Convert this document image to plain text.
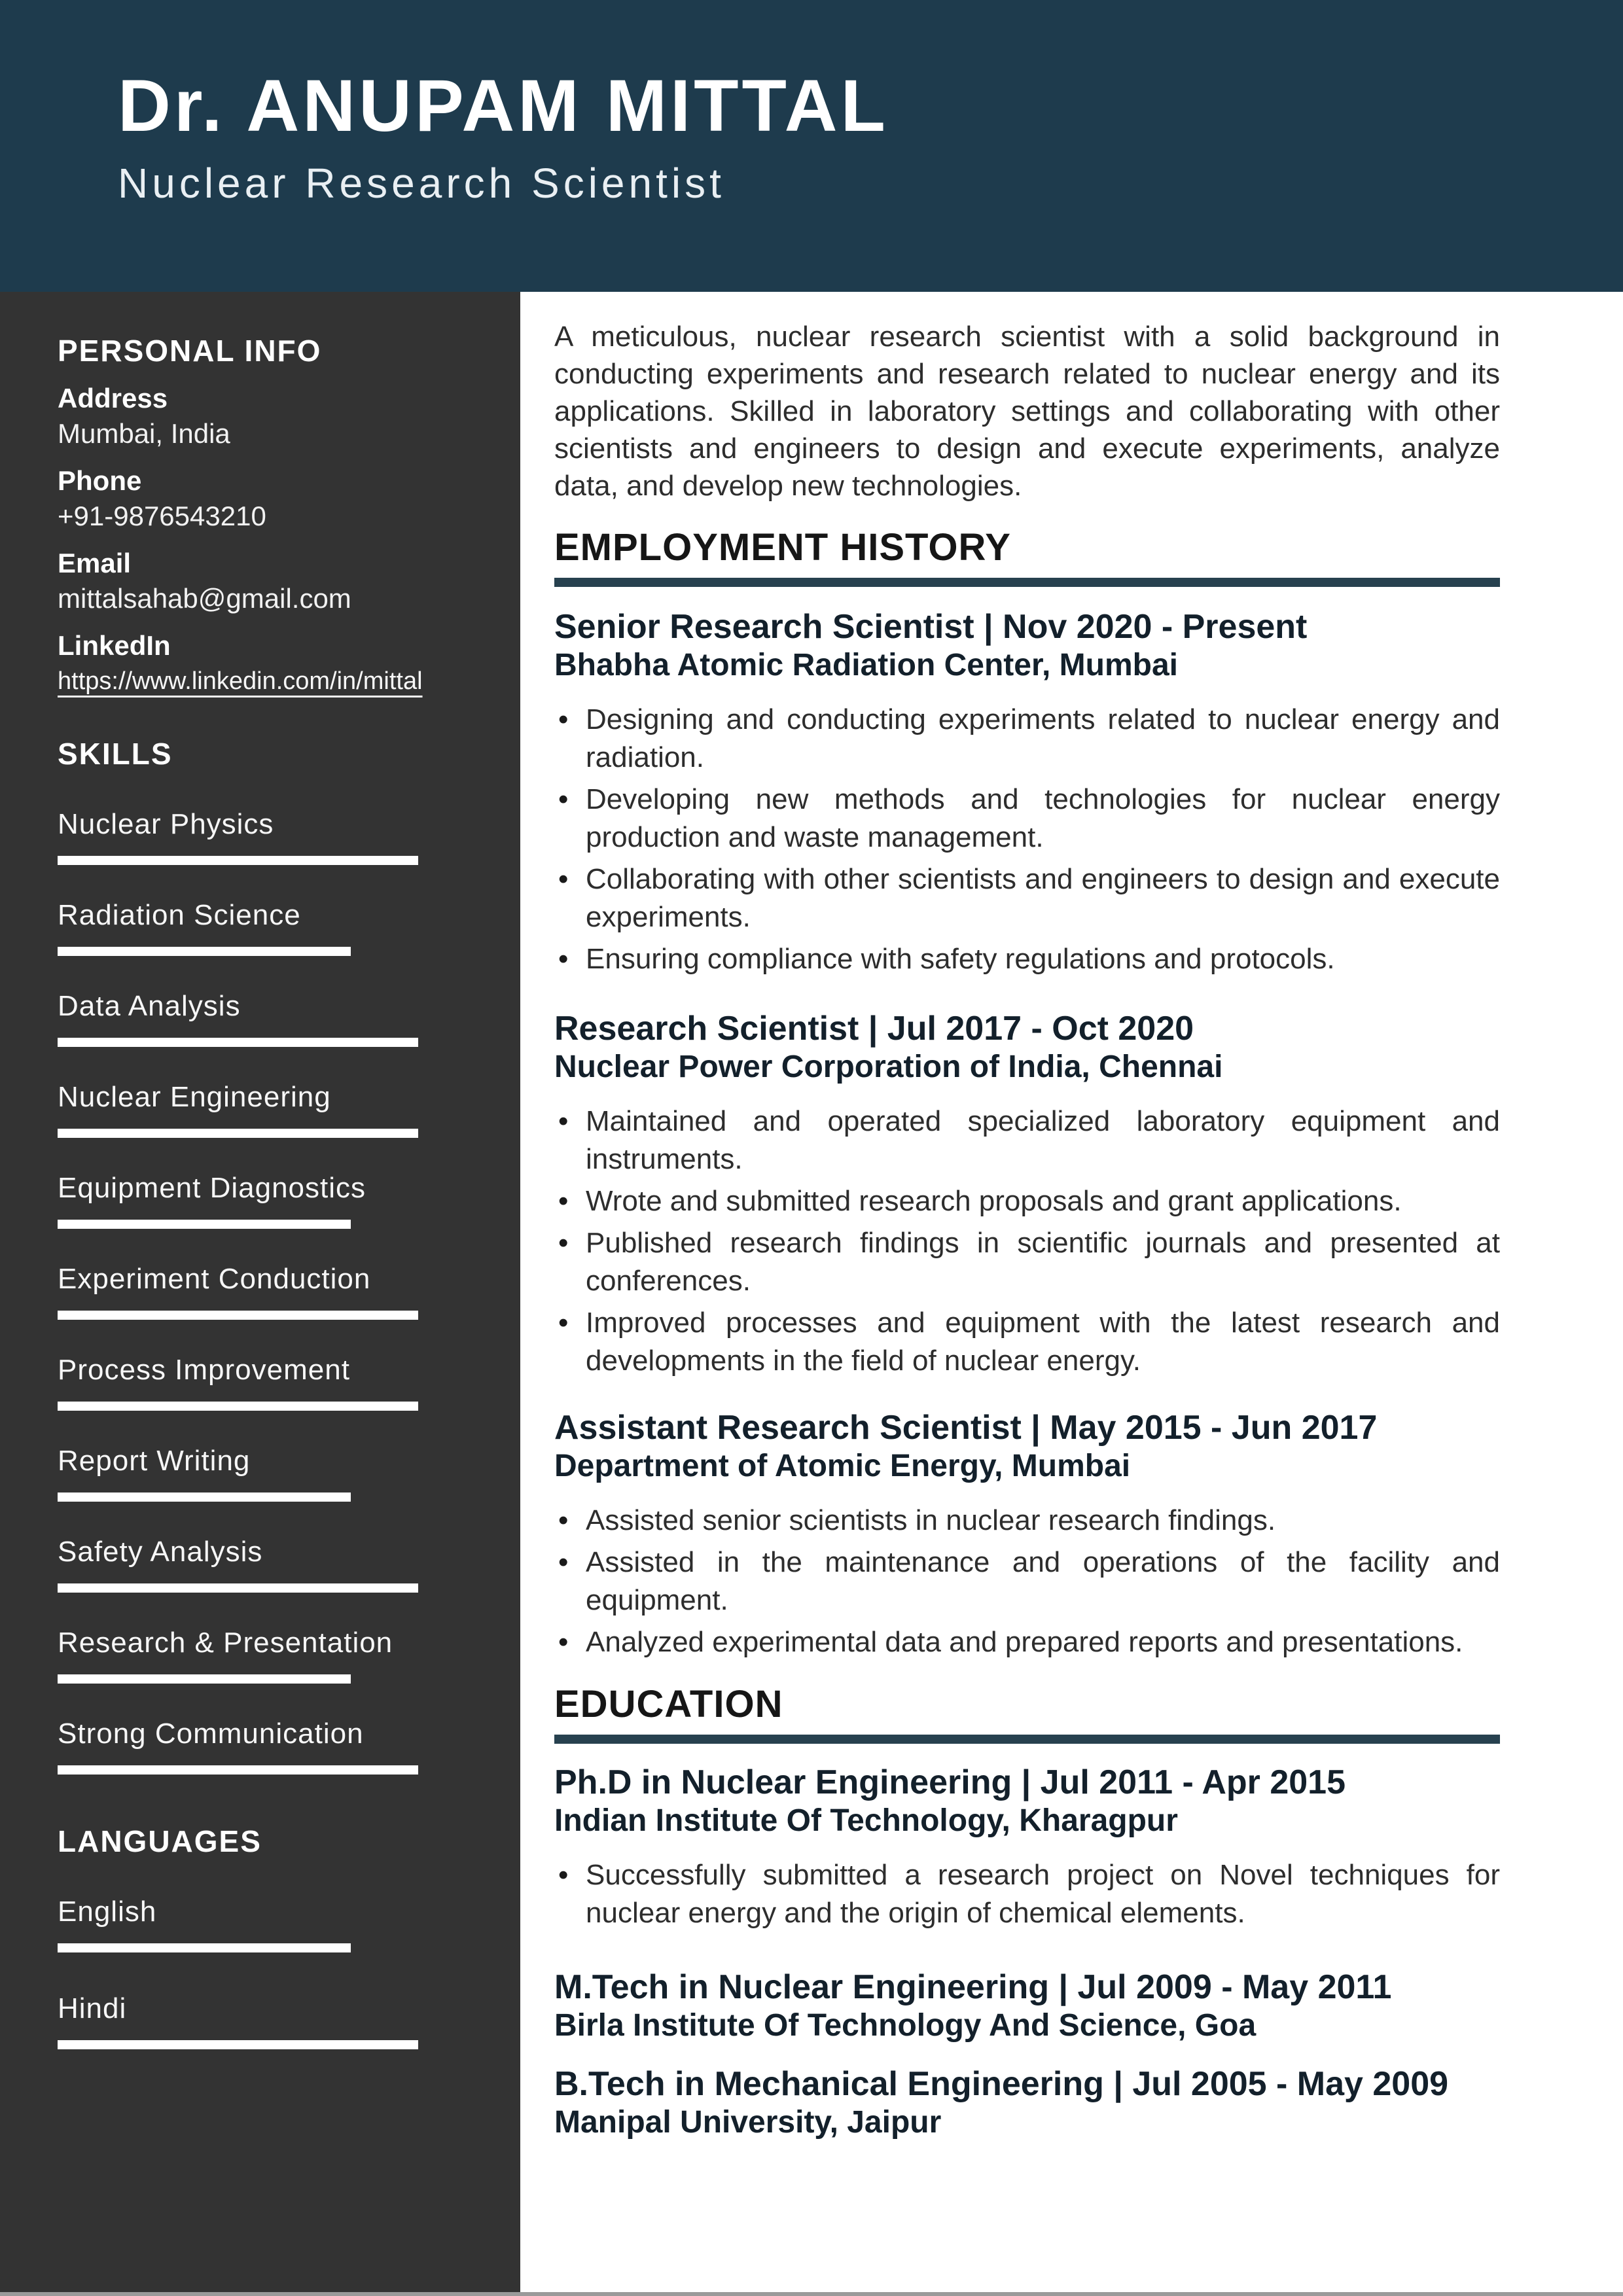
Dr. ANUPAM MITTAL
Nuclear Research Scientist
PERSONAL INFO
Address
Mumbai, India
Phone
+91-9876543210
Email
mittalsahab@gmail.com
LinkedIn
https://www.linkedin.com/in/mittal
SKILLS
Nuclear Physics
Radiation Science
Data Analysis
Nuclear Engineering
Equipment Diagnostics
Experiment Conduction
Process Improvement
Report Writing
Safety Analysis
Research & Presentation
Strong Communication
LANGUAGES
English
Hindi

A meticulous, nuclear research scientist with a solid background in conducting experiments and research related to nuclear energy and its applications. Skilled in laboratory settings and collaborating with other scientists and engineers to design and execute experiments, analyze data, and develop new technologies.

EMPLOYMENT HISTORY
Senior Research Scientist | Nov 2020 - Present
Bhabha Atomic Radiation Center, Mumbai
• Designing and conducting experiments related to nuclear energy and radiation.
• Developing new methods and technologies for nuclear energy production and waste management.
• Collaborating with other scientists and engineers to design and execute experiments.
• Ensuring compliance with safety regulations and protocols.
Research Scientist | Jul 2017 - Oct 2020
Nuclear Power Corporation of India, Chennai
• Maintained and operated specialized laboratory equipment and instruments.
• Wrote and submitted research proposals and grant applications.
• Published research findings in scientific journals and presented at conferences.
• Improved processes and equipment with the latest research and developments in the field of nuclear energy.
Assistant Research Scientist | May 2015 - Jun 2017
Department of Atomic Energy, Mumbai
• Assisted senior scientists in nuclear research findings.
• Assisted in the maintenance and operations of the facility and equipment.
• Analyzed experimental data and prepared reports and presentations.
EDUCATION
Ph.D in Nuclear Engineering | Jul 2011 - Apr 2015
Indian Institute Of Technology, Kharagpur
• Successfully submitted a research project on Novel techniques for nuclear energy and the origin of chemical elements.
M.Tech in Nuclear Engineering | Jul 2009 - May 2011
Birla Institute Of Technology And Science, Goa
B.Tech in Mechanical Engineering | Jul 2005 - May 2009
Manipal University, Jaipur
